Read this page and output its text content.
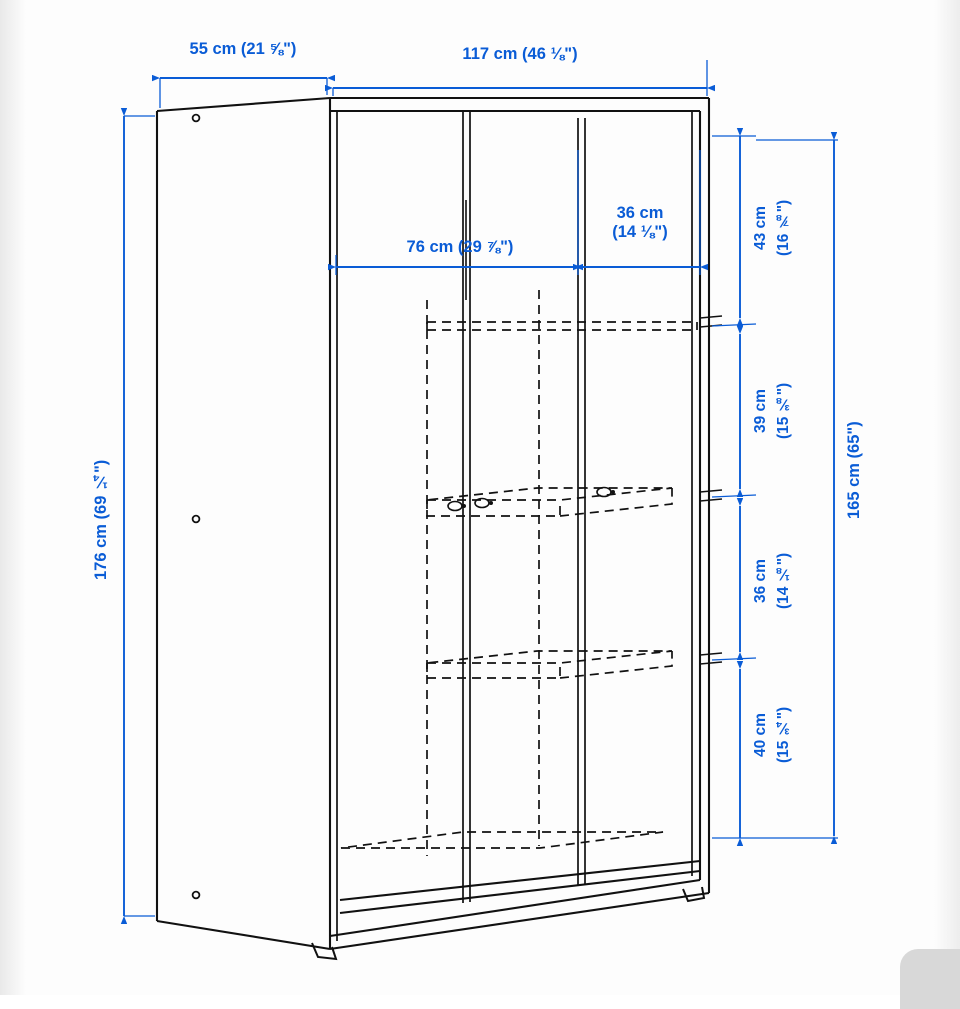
55 cm (21 ⅝")	117 cm (46 ⅛")
176 cm (69 ¼")	165 cm (65")
76 cm (29 ⅞")
36 cm
(14 ⅛")	43 cm (16 ⅞")
39 cm (15 ⅜")
36 cm (14 ⅛")
40 cm (15 ¾")
